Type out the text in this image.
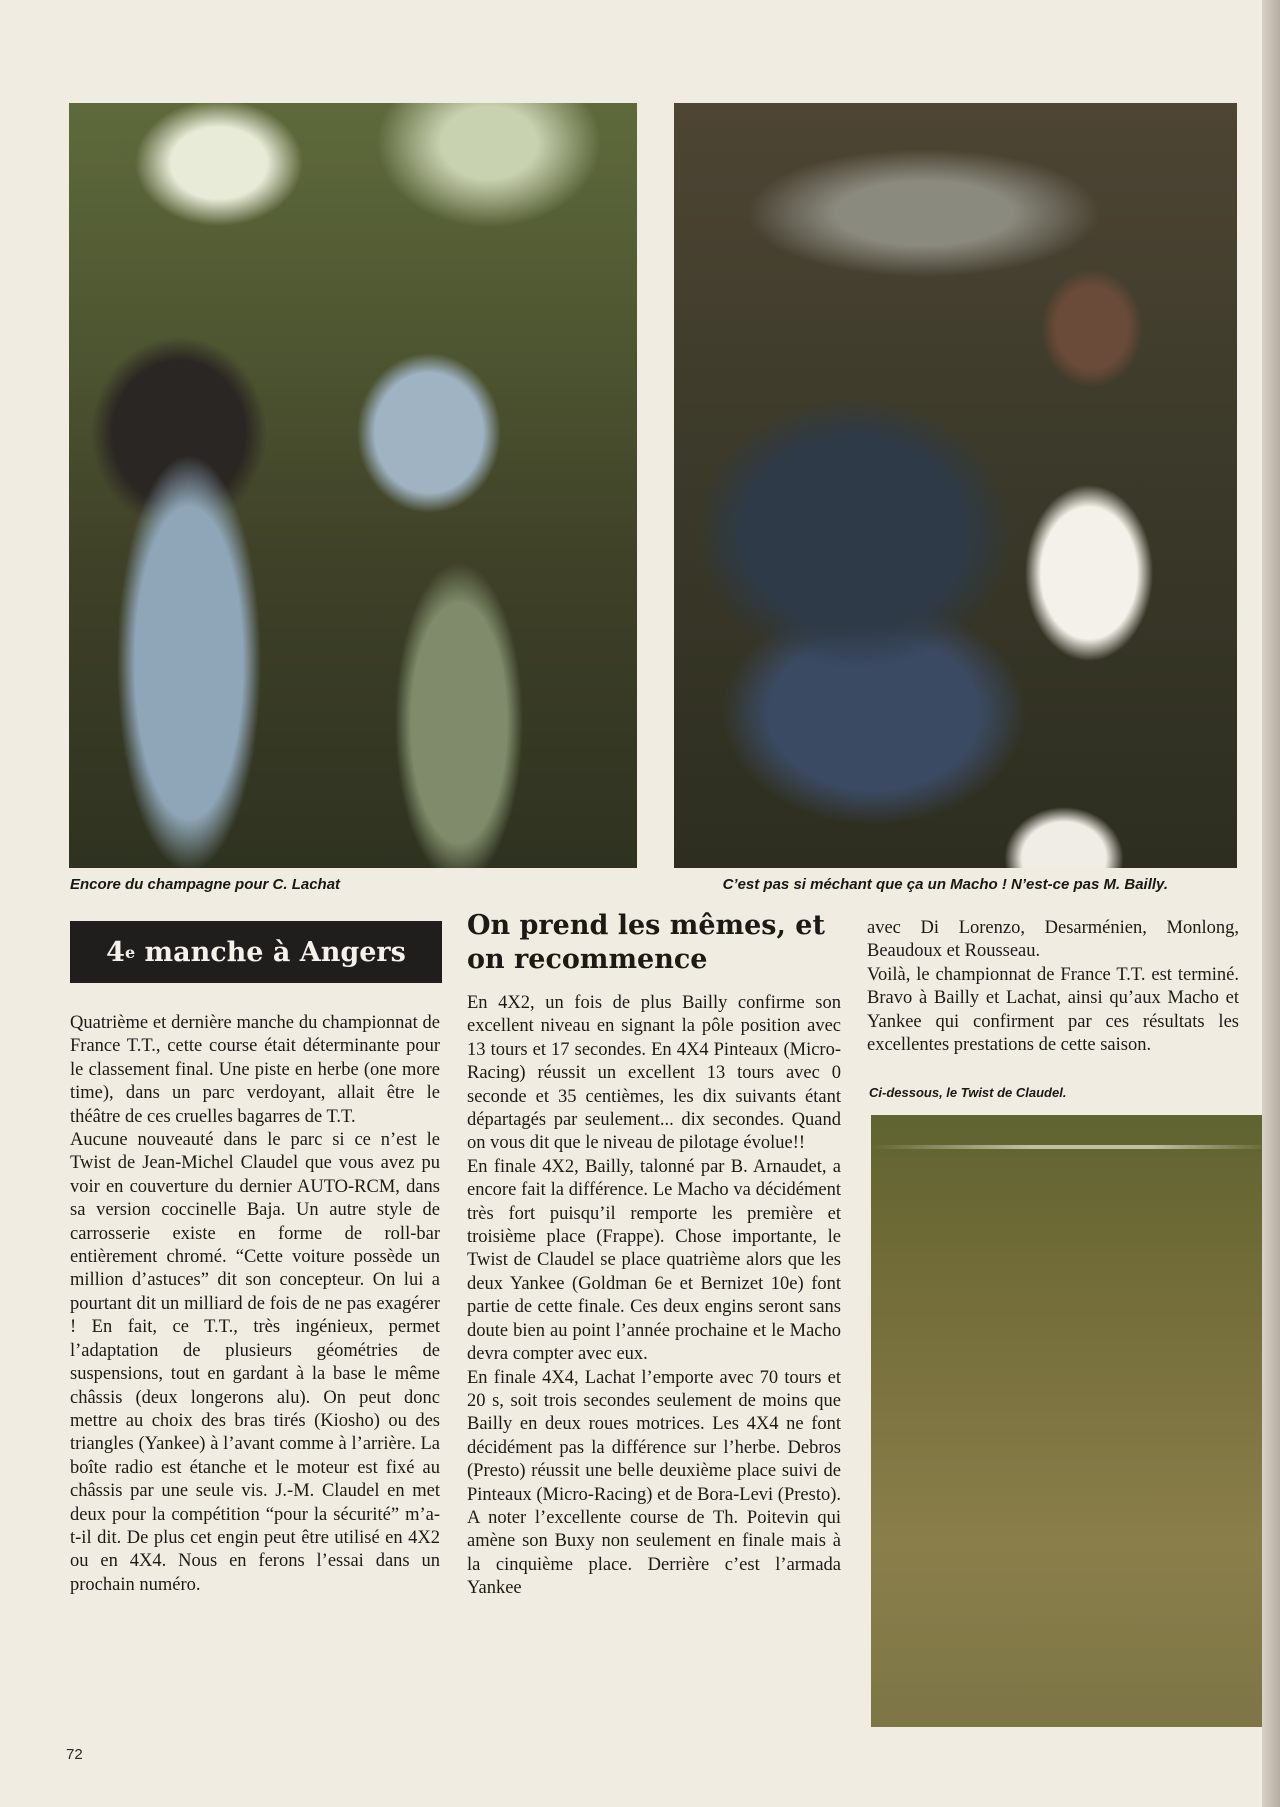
Encore du champagne pour C. Lachat	C’est pas si méchant que ça un Macho ! N’est-ce pas M. Bailly.
4 e manche à Angers
On prend les mêmes, et on recommence

Quatrième et dernière manche du championnat de France T.T., cette course était déterminante pour le classement final. Une piste en herbe (one more time), dans un parc verdoyant, allait être le théâtre de ces cruelles bagarres de T.T.

Aucune nouveauté dans le parc si ce n’est le Twist de Jean-Michel Claudel que vous avez pu voir en couverture du dernier AUTO-RCM, dans sa version coccinelle Baja. Un autre style de carrosserie existe en forme de roll-bar entièrement chromé. “Cette voiture possède un million d’astuces” dit son concepteur. On lui a pourtant dit un milliard de fois de ne pas exagérer ! En fait, ce T.T., très ingénieux, permet l’adaptation de plusieurs géométries de suspensions, tout en gardant à la base le même châssis (deux longerons alu). On peut donc mettre au choix des bras tirés (Kiosho) ou des triangles (Yankee) à l’avant comme à l’arrière. La boîte radio est étanche et le moteur est fixé au châssis par une seule vis. J.-M. Claudel en met deux pour la compétition “pour la sécurité” m’a-t-il dit. De plus cet engin peut être utilisé en 4X2 ou en 4X4. Nous en ferons l’essai dans un prochain numéro.

En 4X2, un fois de plus Bailly confirme son excellent niveau en signant la pôle position avec 13 tours et 17 secondes. En 4X4 Pinteaux (Micro-Racing) réussit un excellent 13 tours avec 0 seconde et 35 centièmes, les dix suivants étant départagés par seulement... dix secondes. Quand on vous dit que le niveau de pilotage évolue!!

En finale 4X2, Bailly, talonné par B. Arnaudet, a encore fait la différence. Le Macho va décidément très fort puisqu’il remporte les première et troisième place (Frappe). Chose importante, le Twist de Claudel se place quatrième alors que les deux Yankee (Goldman 6e et Bernizet 10e) font partie de cette finale. Ces deux engins seront sans doute bien au point l’année prochaine et le Macho devra compter avec eux.

En finale 4X4, Lachat l’emporte avec 70 tours et 20 s, soit trois secondes seulement de moins que Bailly en deux roues motrices. Les 4X4 ne font décidément pas la différence sur l’herbe. Debros (Presto) réussit une belle deuxième place suivi de Pinteaux (Micro-Racing) et de Bora-Levi (Presto). A noter l’excellente course de Th. Poitevin qui amène son Buxy non seulement en finale mais à la cinquième place. Derrière c’est l’armada Yankee

avec Di Lorenzo, Desarménien, Monlong, Beaudoux et Rousseau.

Voilà, le championnat de France T.T. est terminé. Bravo à Bailly et Lachat, ainsi qu’aux Macho et Yankee qui confirment par ces résultats les excellentes prestations de cette saison.

Ci-dessous, le Twist de Claudel.
72
